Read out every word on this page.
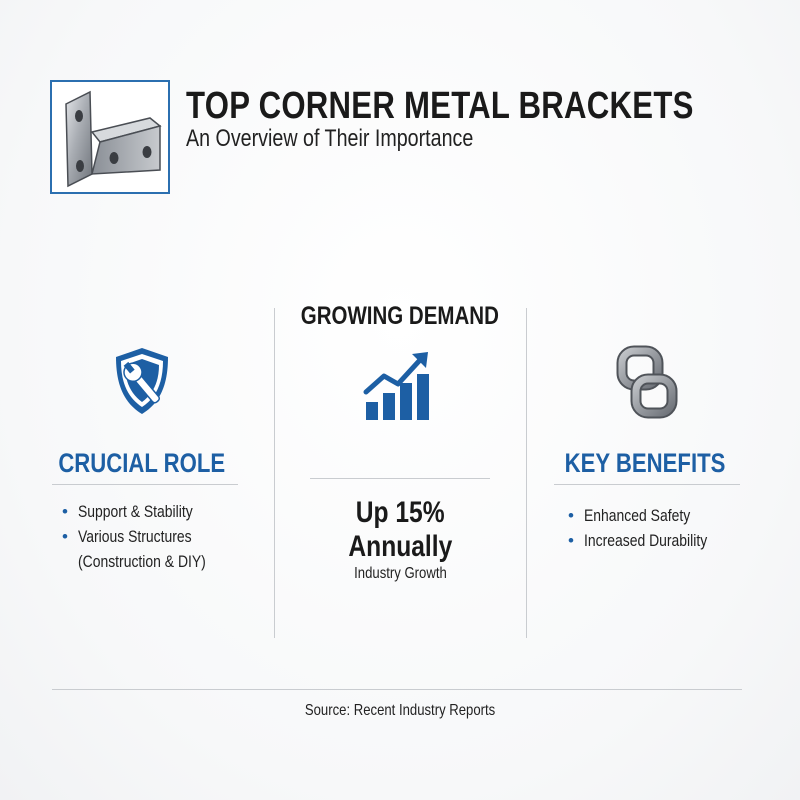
TOP CORNER METAL BRACKETS
An Overview of Their Importance
CRUCIAL ROLE
• Support & Stability
• Various Structures
(Construction & DIY)
GROWING DEMAND
Up 15%
Annually
Industry Growth
KEY BENEFITS
• Enhanced Safety
• Increased Durability
Source: Recent Industry Reports
